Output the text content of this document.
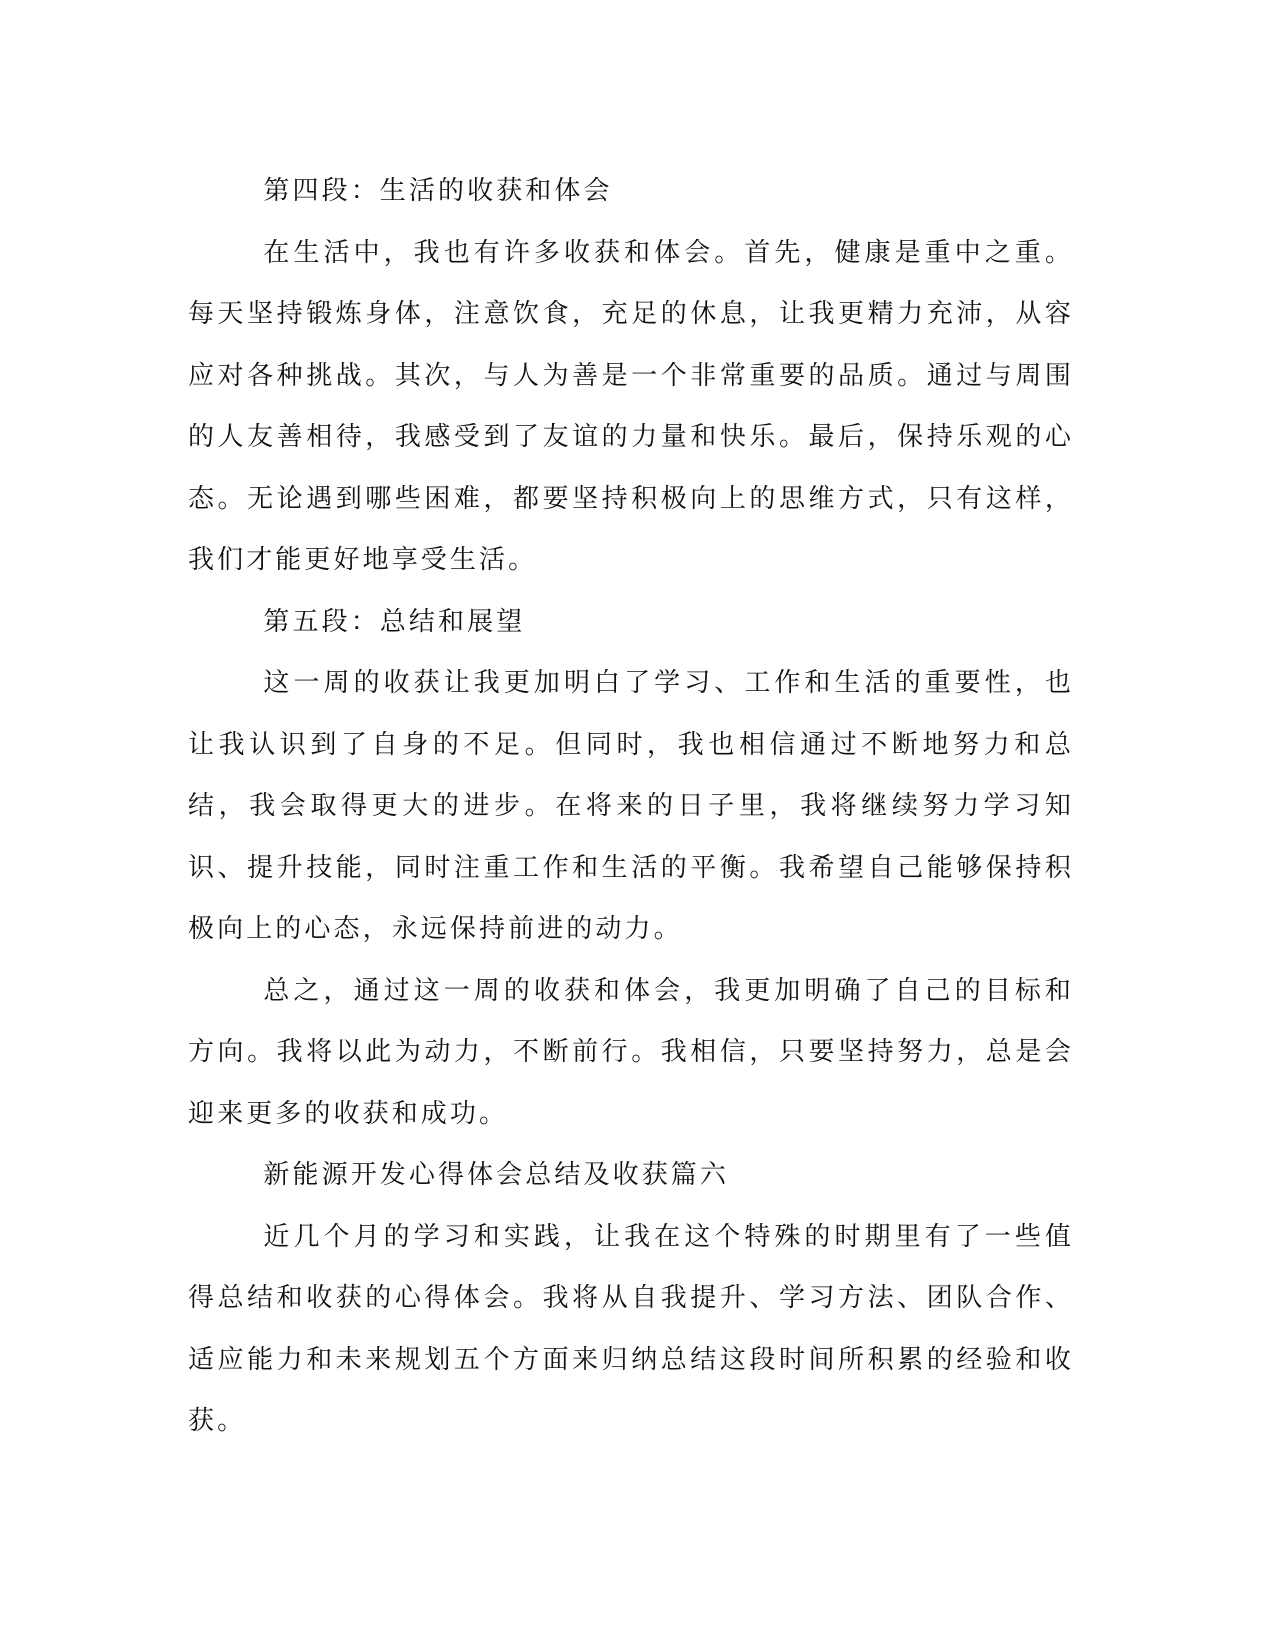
第四段：生活的收获和体会

在生活中，我也有许多收获和体会。首先，健康是重中之重。每天坚持锻炼身体，注意饮食，充足的休息，让我更精力充沛，从容应对各种挑战。其次，与人为善是一个非常重要的品质。通过与周围的人友善相待，我感受到了友谊的力量和快乐。最后，保持乐观的心态。无论遇到哪些困难，都要坚持积极向上的思维方式，只有这样，我们才能更好地享受生活。

第五段：总结和展望

这一周的收获让我更加明白了学习、工作和生活的重要性，也让我认识到了自身的不足。但同时，我也相信通过不断地努力和总结，我会取得更大的进步。在将来的日子里，我将继续努力学习知识、提升技能，同时注重工作和生活的平衡。我希望自己能够保持积极向上的心态，永远保持前进的动力。

总之，通过这一周的收获和体会，我更加明确了自己的目标和方向。我将以此为动力，不断前行。我相信，只要坚持努力，总是会迎来更多的收获和成功。

新能源开发心得体会总结及收获篇六

近几个月的学习和实践，让我在这个特殊的时期里有了一些值得总结和收获的心得体会。我将从自我提升、学习方法、团队合作、适应能力和未来规划五个方面来归纳总结这段时间所积累的经验和收获。
